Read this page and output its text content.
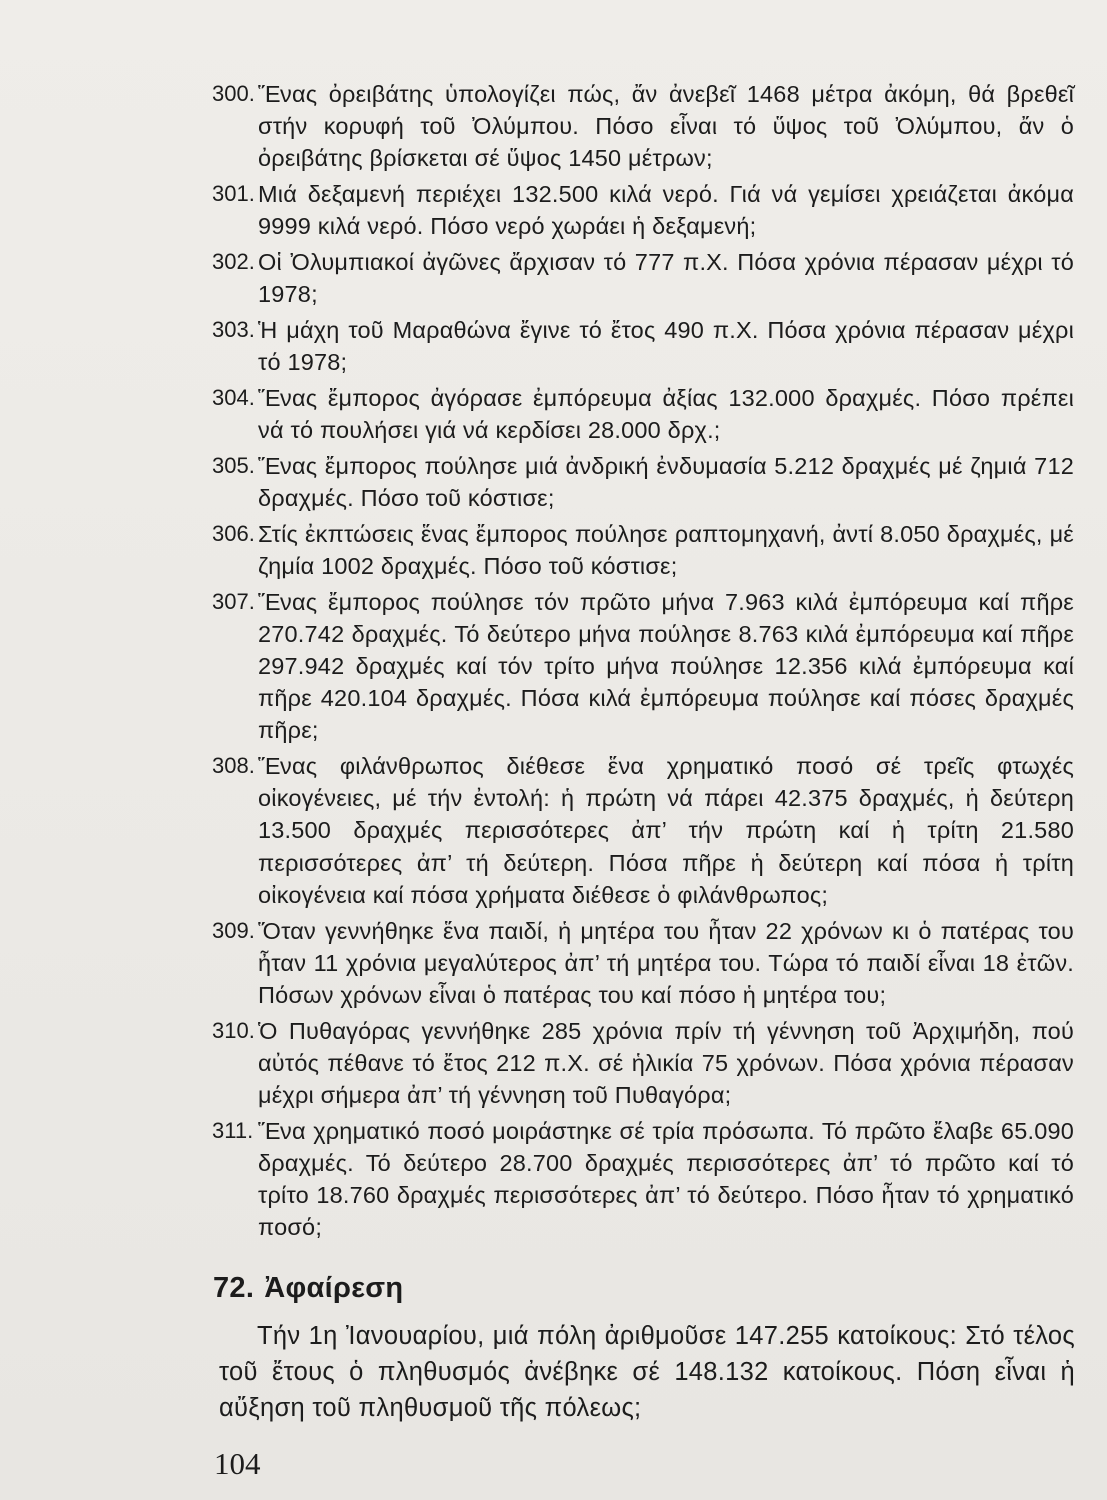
300. Ἕνας ὀρειβάτης ὑπολογίζει πώς, ἄν ἀνεβεῖ 1468 μέτρα ἀκόμη, θά βρεθεῖ στήν κορυφή τοῦ Ὀλύμπου. Πόσο εἶναι τό ὕψος τοῦ Ὀλύμπου, ἄν ὁ ὀρειβάτης βρίσκεται σέ ὕψος 1450 μέτρων;
301. Μιά δεξαμενή περιέχει 132.500 κιλά νερό. Γιά νά γεμίσει χρειάζεται ἀκόμα 9999 κιλά νερό. Πόσο νερό χωράει ἡ δεξαμενή;
302. Οἱ Ὀλυμπιακοί ἀγῶνες ἄρχισαν τό 777 π.Χ. Πόσα χρόνια πέρασαν μέχρι τό 1978;
303. Ἡ μάχη τοῦ Μαραθώνα ἔγινε τό ἔτος 490 π.Χ. Πόσα χρόνια πέρασαν μέχρι τό 1978;
304. Ἕνας ἔμπορος ἀγόρασε ἐμπόρευμα ἀξίας 132.000 δραχμές. Πόσο πρέπει νά τό πουλήσει γιά νά κερδίσει 28.000 δρχ.;
305. Ἕνας ἔμπορος πούλησε μιά ἀνδρική ἐνδυμασία 5.212 δραχμές μέ ζημιά 712 δραχμές. Πόσο τοῦ κόστισε;
306. Στίς ἐκπτώσεις ἕνας ἔμπορος πούλησε ραπτομηχανή, ἀντί 8.050 δραχμές, μέ ζημία 1002 δραχμές. Πόσο τοῦ κόστισε;
307. Ἕνας ἔμπορος πούλησε τόν πρῶτο μήνα 7.963 κιλά ἐμπόρευμα καί πῆρε 270.742 δραχμές. Τό δεύτερο μήνα πούλησε 8.763 κιλά ἐμπόρευμα καί πῆρε 297.942 δραχμές καί τόν τρίτο μήνα πούλησε 12.356 κιλά ἐμπόρευμα καί πῆρε 420.104 δραχμές. Πόσα κιλά ἐμπόρευμα πούλησε καί πόσες δραχμές πῆρε;
308. Ἕνας φιλάνθρωπος διέθεσε ἕνα χρηματικό ποσό σέ τρεῖς φτωχές οἰκογένειες, μέ τήν ἐντολή: ἡ πρώτη νά πάρει 42.375 δραχμές, ἡ δεύτερη 13.500 δραχμές περισσότερες ἀπ’ τήν πρώτη καί ἡ τρίτη 21.580 περισσότερες ἀπ’ τή δεύτερη. Πόσα πῆρε ἡ δεύτερη καί πόσα ἡ τρίτη οἰκογένεια καί πόσα χρήματα διέθεσε ὁ φιλάνθρωπος;
309. Ὅταν γεννήθηκε ἕνα παιδί, ἡ μητέρα του ἦταν 22 χρόνων κι ὁ πατέρας του ἦταν 11 χρόνια μεγαλύτερος ἀπ’ τή μητέρα του. Τώρα τό παιδί εἶναι 18 ἐτῶν. Πόσων χρόνων εἶναι ὁ πατέρας του καί πόσο ἡ μητέρα του;
310. Ὁ Πυθαγόρας γεννήθηκε 285 χρόνια πρίν τή γέννηση τοῦ Ἀρχιμήδη, πού αὐτός πέθανε τό ἔτος 212 π.Χ. σέ ἡλικία 75 χρόνων. Πόσα χρόνια πέρασαν μέχρι σήμερα ἀπ’ τή γέννηση τοῦ Πυθαγόρα;
311. Ἕνα χρηματικό ποσό μοιράστηκε σέ τρία πρόσωπα. Τό πρῶτο ἔλαβε 65.090 δραχμές. Τό δεύτερο 28.700 δραχμές περισσότερες ἀπ’ τό πρῶτο καί τό τρίτο 18.760 δραχμές περισσότερες ἀπ’ τό δεύτερο. Πόσο ἦταν τό χρηματικό ποσό;
72. Ἀφαίρεση

Τήν 1η Ἰανουαρίου, μιά πόλη ἀριθμοῦσε 147.255 κατοίκους: Στό τέλος τοῦ ἔτους ὁ πληθυσμός ἀνέβηκε σέ 148.132 κατοίκους. Πόση εἶναι ἡ αὔξηση τοῦ πληθυσμοῦ τῆς πόλεως;

104
